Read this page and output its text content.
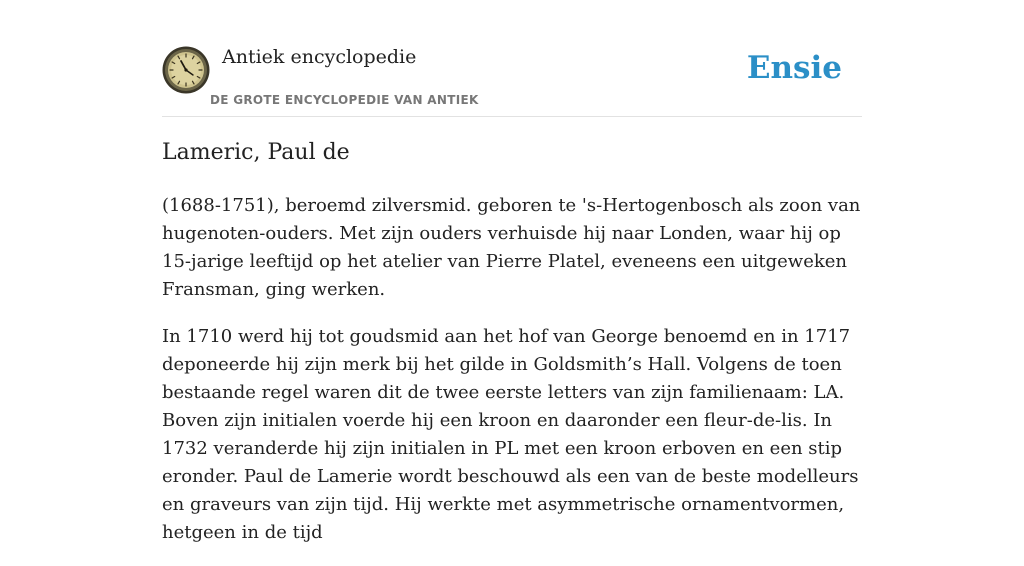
Antiek encyclopedie
DE GROTE ENCYCLOPEDIE VAN ANTIEK
Ensie
Lameric, Paul de

(1688-1751), beroemd zilversmid. geboren te 's-Hertogenbosch als zoon van hugenoten-ouders. Met zijn ouders verhuisde hij naar Londen, waar hij op 15-jarige leeftijd op het atelier van Pierre Platel, eveneens een uitgeweken Fransman, ging werken.

In 1710 werd hij tot goudsmid aan het hof van George benoemd en in 1717 deponeerde hij zijn merk bij het gilde in Goldsmith’s Hall. Volgens de toen bestaande regel waren dit de twee eerste letters van zijn familienaam: LA. Boven zijn initialen voerde hij een kroon en daaronder een fleur-de-lis. In 1732 veranderde hij zijn initialen in PL met een kroon erboven en een stip eronder. Paul de Lamerie wordt beschouwd als een van de beste modelleurs en graveurs van zijn tijd. Hij werkte met asymmetrische ornamentvormen, hetgeen in de tijd
